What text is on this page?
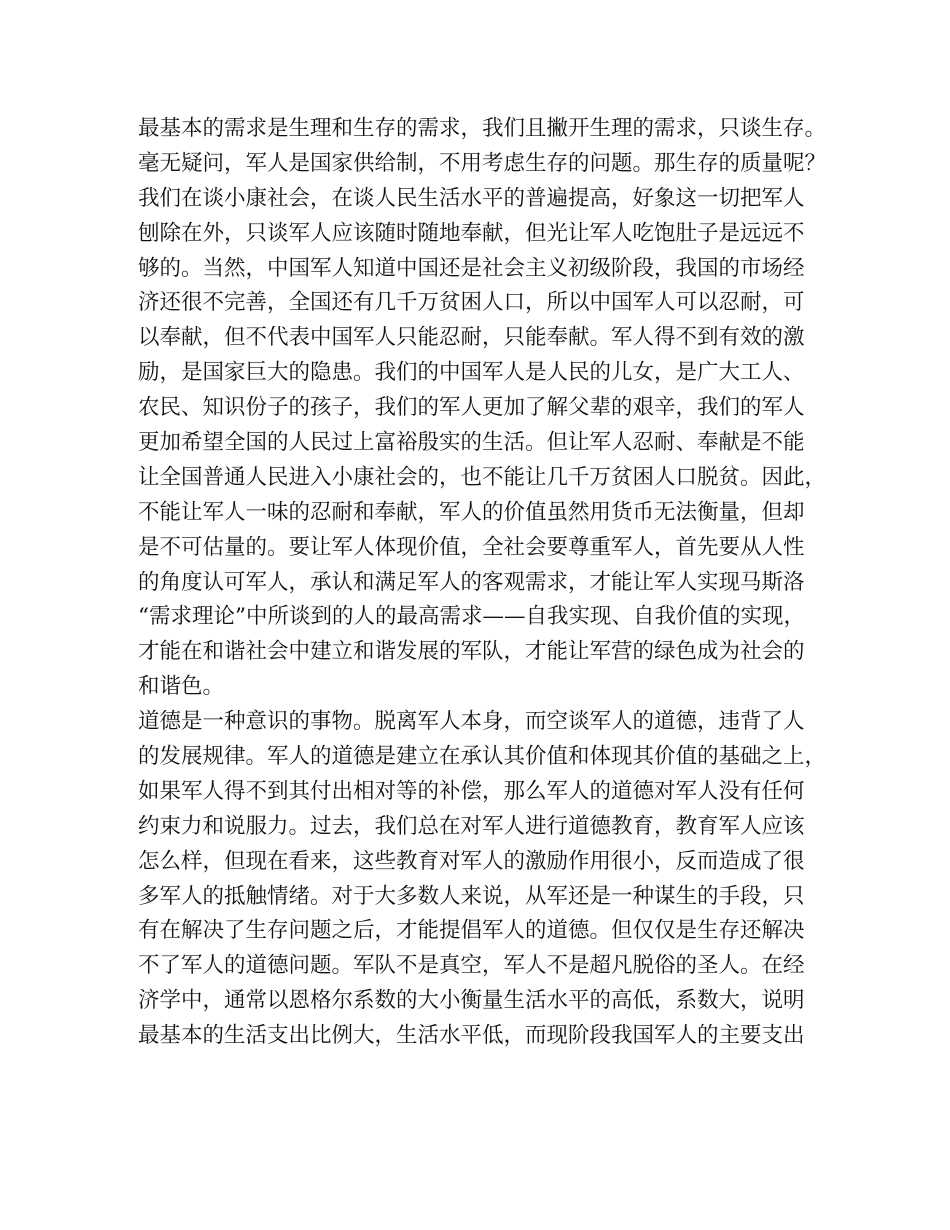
最基本的需求是生理和生存的需求，我们且撇开生理的需求，只谈生存。
毫无疑问，军人是国家供给制，不用考虑生存的问题。那生存的质量呢？
我们在谈小康社会，在谈人民生活水平的普遍提高，好象这一切把军人
刨除在外，只谈军人应该随时随地奉献，但光让军人吃饱肚子是远远不
够的。当然，中国军人知道中国还是社会主义初级阶段，我国的市场经
济还很不完善，全国还有几千万贫困人口，所以中国军人可以忍耐，可
以奉献，但不代表中国军人只能忍耐，只能奉献。军人得不到有效的激
励，是国家巨大的隐患。我们的中国军人是人民的儿女，是广大工人、
农民、知识份子的孩子，我们的军人更加了解父辈的艰辛，我们的军人
更加希望全国的人民过上富裕殷实的生活。但让军人忍耐、奉献是不能
让全国普通人民进入小康社会的，也不能让几千万贫困人口脱贫。因此，
不能让军人一味的忍耐和奉献，军人的价值虽然用货币无法衡量，但却
是不可估量的。要让军人体现价值，全社会要尊重军人，首先要从人性
的角度认可军人，承认和满足军人的客观需求，才能让军人实现马斯洛
“需求理论”中所谈到的人的最高需求——自我实现、自我价值的实现，
才能在和谐社会中建立和谐发展的军队，才能让军营的绿色成为社会的
和谐色。
道德是一种意识的事物。脱离军人本身，而空谈军人的道德，违背了人
的发展规律。军人的道德是建立在承认其价值和体现其价值的基础之上，
如果军人得不到其付出相对等的补偿，那么军人的道德对军人没有任何
约束力和说服力。过去，我们总在对军人进行道德教育，教育军人应该
怎么样，但现在看来，这些教育对军人的激励作用很小，反而造成了很
多军人的抵触情绪。对于大多数人来说，从军还是一种谋生的手段，只
有在解决了生存问题之后，才能提倡军人的道德。但仅仅是生存还解决
不了军人的道德问题。军队不是真空，军人不是超凡脱俗的圣人。在经
济学中，通常以恩格尔系数的大小衡量生活水平的高低，系数大，说明
最基本的生活支出比例大，生活水平低，而现阶段我国军人的主要支出
